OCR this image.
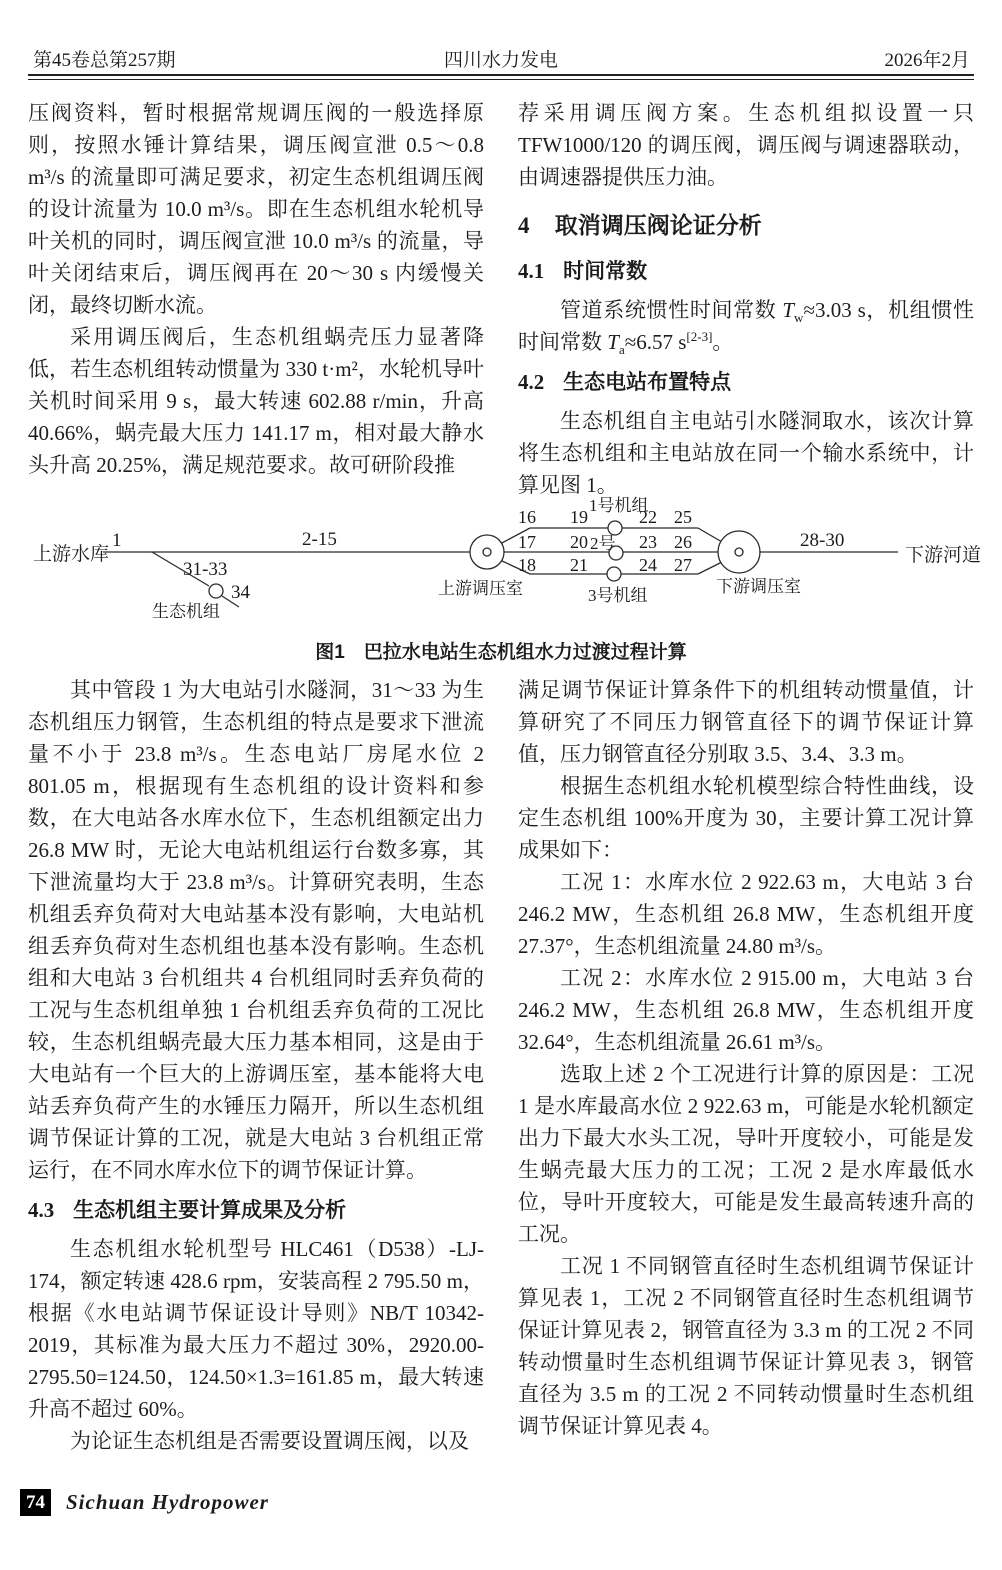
第45卷总第257期	四川水力发电	2026年2月

压阀资料，暂时根据常规调压阀的一般选择原则，按照水锤计算结果，调压阀宣泄 0.5～0.8 m³/s 的流量即可满足要求，初定生态机组调压阀的设计流量为 10.0 m³/s。即在生态机组水轮机导叶关机的同时，调压阀宣泄 10.0 m³/s 的流量，导叶关闭结束后，调压阀再在 20～30 s 内缓慢关闭，最终切断水流。

采用调压阀后，生态机组蜗壳压力显著降低，若生态机组转动惯量为 330 t·m²，水轮机导叶关机时间采用 9 s，最大转速 602.88 r/min，升高 40.66%，蜗壳最大压力 141.17 m，相对最大静水头升高 20.25%，满足规范要求。故可研阶段推

荐采用调压阀方案。生态机组拟设置一只 TFW1000/120 的调压阀，调压阀与调速器联动，由调速器提供压力油。

4 取消调压阀论证分析
4.1 时间常数

管道系统惯性时间常数 $T_w\approx 3.03$ s，机组惯性时间常数 $T_a\approx 6.57$ s[2-3]。

4.2 生态电站布置特点

生态机组自主电站引水隧洞取水，该次计算将生态机组和主电站放在同一个输水系统中，计算见图 1。

上游水库
1	2-15
31-33
34
生态机组
上游调压室
1号机组
2号
3号机组	下游调压室
28-30
下游河道
16 19	22 25
17 20	23 26
18 21	24 27
图1 巴拉水电站生态机组水力过渡过程计算

其中管段 1 为大电站引水隧洞，31～33 为生态机组压力钢管，生态机组的特点是要求下泄流量不小于 23.8 m³/s。生态电站厂房尾水位 2 801.05 m，根据现有生态机组的设计资料和参数，在大电站各水库水位下，生态机组额定出力 26.8 MW 时，无论大电站机组运行台数多寡，其下泄流量均大于 23.8 m³/s。计算研究表明，生态机组丢弃负荷对大电站基本没有影响，大电站机组丢弃负荷对生态机组也基本没有影响。生态机组和大电站 3 台机组共 4 台机组同时丢弃负荷的工况与生态机组单独 1 台机组丢弃负荷的工况比较，生态机组蜗壳最大压力基本相同，这是由于大电站有一个巨大的上游调压室，基本能将大电站丢弃负荷产生的水锤压力隔开，所以生态机组调节保证计算的工况，就是大电站 3 台机组正常运行，在不同水库水位下的调节保证计算。

4.3 生态机组主要计算成果及分析

生态机组水轮机型号 HLC461（D538）-LJ-174，额定转速 428.6 rpm，安装高程 2 795.50 m，根据《水电站调节保证设计导则》NB/T 10342-2019，其标准为最大压力不超过 30%，2920.00-2795.50=124.50，124.50×1.3=161.85 m，最大转速升高不超过 60%。

为论证生态机组是否需要设置调压阀，以及

满足调节保证计算条件下的机组转动惯量值，计算研究了不同压力钢管直径下的调节保证计算值，压力钢管直径分别取 3.5、3.4、3.3 m。

根据生态机组水轮机模型综合特性曲线，设定生态机组 100%开度为 30，主要计算工况计算成果如下：

工况 1：水库水位 2 922.63 m，大电站 3 台 246.2 MW，生态机组 26.8 MW，生态机组开度 27.37°，生态机组流量 24.80 m³/s。

工况 2：水库水位 2 915.00 m，大电站 3 台 246.2 MW，生态机组 26.8 MW，生态机组开度 32.64°，生态机组流量 26.61 m³/s。

选取上述 2 个工况进行计算的原因是：工况 1 是水库最高水位 2 922.63 m，可能是水轮机额定出力下最大水头工况，导叶开度较小，可能是发生蜗壳最大压力的工况；工况 2 是水库最低水位，导叶开度较大，可能是发生最高转速升高的工况。

工况 1 不同钢管直径时生态机组调节保证计算见表 1，工况 2 不同钢管直径时生态机组调节保证计算见表 2，钢管直径为 3.3 m 的工况 2 不同转动惯量时生态机组调节保证计算见表 3，钢管直径为 3.5 m 的工况 2 不同转动惯量时生态机组调节保证计算见表 4。

74 Sichuan Hydropower
